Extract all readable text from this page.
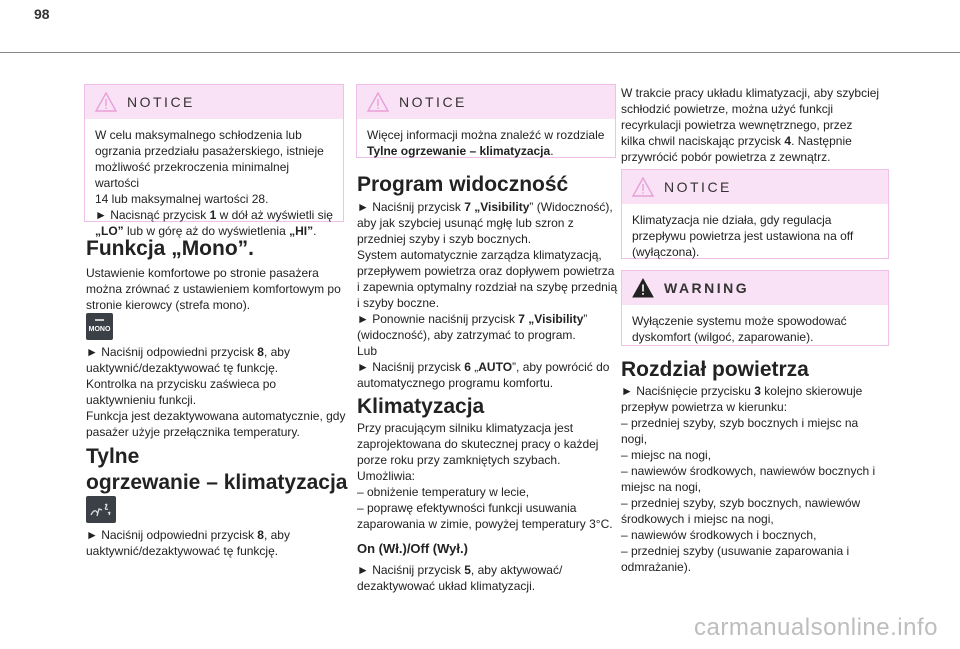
98
NOTICE
W celu maksymalnego schłodzenia lub
ogrzania przedziału pasażerskiego, istnieje
możliwość przekroczenia minimalnej wartości
14 lub maksymalnej wartości 28.
► Nacisnąć przycisk 1 w dół aż wyświetli się
„LO” lub w górę aż do wyświetlenia „HI”.
Funkcja „Mono”.
Ustawienie komfortowe po stronie pasażera
można zrównać z ustawieniem komfortowym po
stronie kierowcy (strefa mono).
MONO
► Naciśnij odpowiedni przycisk 8, aby
uaktywnić/dezaktywować tę funkcję.
Kontrolka na przycisku zaświeca po
uaktywnieniu funkcji.
Funkcja jest dezaktywowana automatycznie, gdy
pasażer użyje przełącznika temperatury.
Tylne
ogrzewanie – klimatyzacja
► Naciśnij odpowiedni przycisk 8, aby
uaktywnić/dezaktywować tę funkcję.
NOTICE
Więcej informacji można znaleźć w rozdziale
Tylne ogrzewanie – klimatyzacja.
Program widoczność
► Naciśnij przycisk 7 „Visibility” (Widoczność),
aby jak szybciej usunąć mgłę lub szron z
przedniej szyby i szyb bocznych.
System automatycznie zarządza klimatyzacją,
przepływem powietrza oraz dopływem powietrza
i zapewnia optymalny rozdział na szybę przednią
i szyby boczne.
► Ponownie naciśnij przycisk 7 „Visibility”
(widoczność), aby zatrzymać to program.
Lub
► Naciśnij przycisk 6 „AUTO”, aby powrócić do
automatycznego programu komfortu.
Klimatyzacja
Przy pracującym silniku klimatyzacja jest
zaprojektowana do skutecznej pracy o każdej
porze roku przy zamkniętych szybach.
Umożliwia:
– obniżenie temperatury w lecie,
– poprawę efektywności funkcji usuwania
zaparowania w zimie, powyżej temperatury 3°C.
On (Wł.)/Off (Wył.)
► Naciśnij przycisk 5, aby aktywować/
dezaktywować układ klimatyzacji.
W trakcie pracy układu klimatyzacji, aby szybciej
schłodzić powietrze, można użyć funkcji
recyrkulacji powietrza wewnętrznego, przez
kilka chwil naciskając przycisk 4. Następnie
przywrócić pobór powietrza z zewnątrz.
NOTICE
Klimatyzacja nie działa, gdy regulacja
przepływu powietrza jest ustawiona na off
(wyłączona).
WARNING
Wyłączenie systemu może spowodować
dyskomfort (wilgoć, zaparowanie).
Rozdział powietrza
► Naciśnięcie przycisku 3 kolejno skierowuje
przepływ powietrza w kierunku:
– przedniej szyby, szyb bocznych i miejsc na
nogi,
– miejsc na nogi,
– nawiewów środkowych, nawiewów bocznych i
miejsc na nogi,
– przedniej szyby, szyb bocznych, nawiewów
środkowych i miejsc na nogi,
– nawiewów środkowych i bocznych,
– przedniej szyby (usuwanie zaparowania i
odmrażanie).
carmanualsonline.info
